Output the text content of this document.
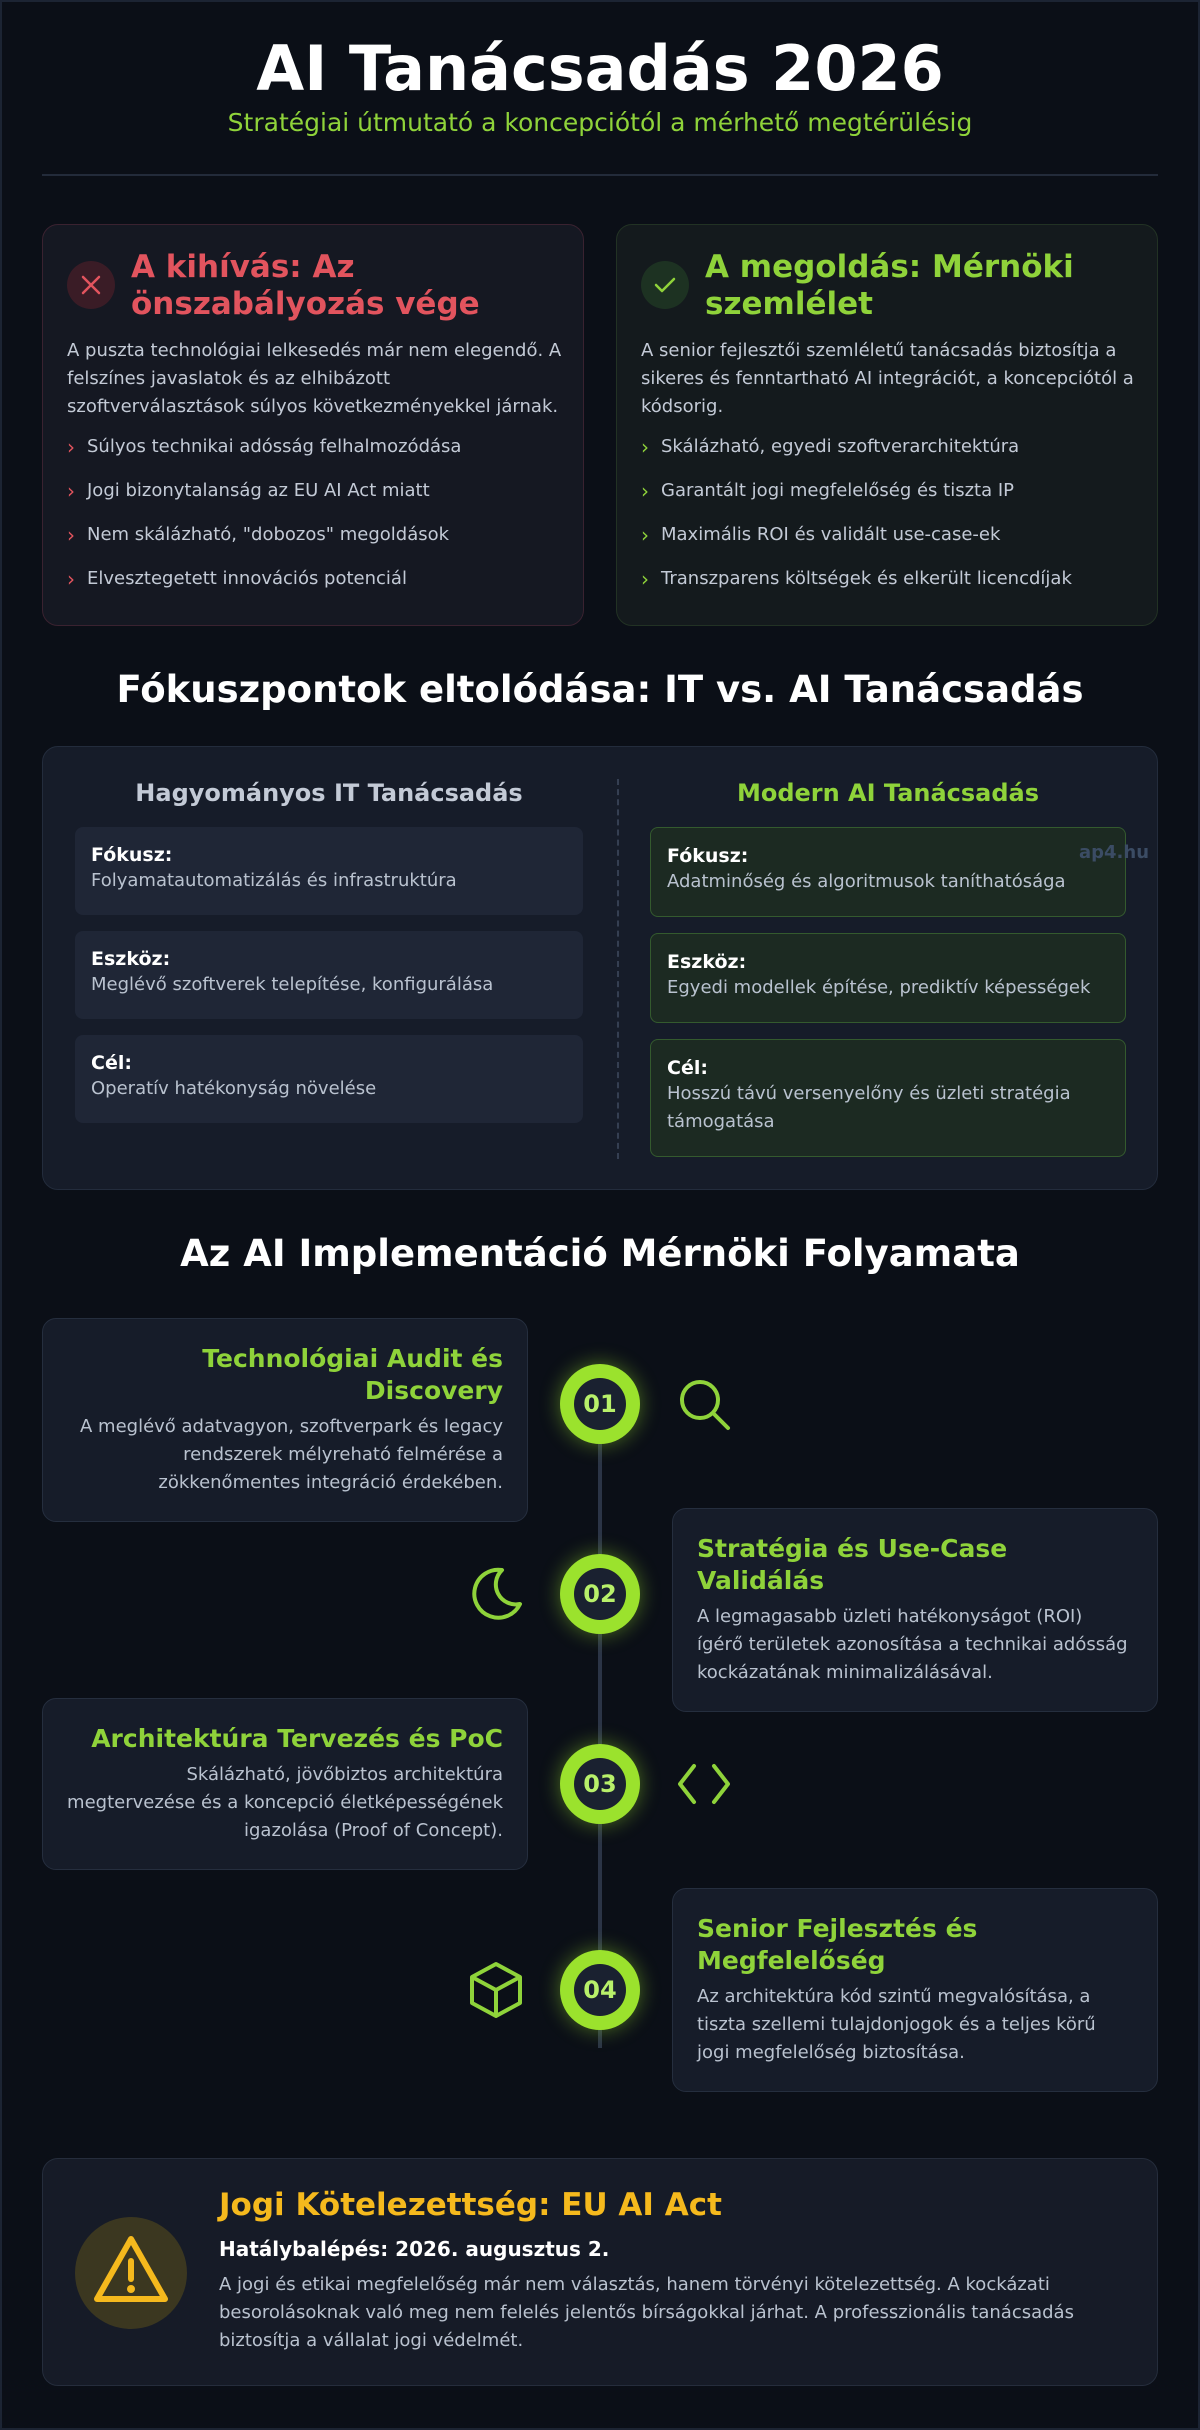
AI Tanácsadás 2026
Stratégiai útmutató a koncepciótól a mérhető megtérülésig
A kihívás: Az önszabályozás vége
A puszta technológiai lelkesedés már nem elegendő. A felszínes javaslatok és az elhibázott szoftverválasztások súlyos következményekkel járnak.
› Súlyos technikai adósság felhalmozódása
› Jogi bizonytalanság az EU AI Act miatt
› Nem skálázható, "dobozos" megoldások
› Elvesztegetett innovációs potenciál
A megoldás: Mérnöki szemlélet
A senior fejlesztői szemléletű tanácsadás biztosítja a sikeres és fenntartható AI integrációt, a koncepciótól a kódsorig.
› Skálázható, egyedi szoftverarchitektúra
› Garantált jogi megfelelőség és tiszta IP
› Maximális ROI és validált use-case-ek
› Transzparens költségek és elkerült licencdíjak
Fókuszpontok eltolódása: IT vs. AI Tanácsadás
Hagyományos IT Tanácsadás	Modern AI Tanácsadás
Fókusz:
Folyamatautomatizálás és infrastruktúra
Eszköz:
Meglévő szoftverek telepítése, konfigurálása
Cél:
Operatív hatékonyság növelése
Fókusz:
Adatminőség és algoritmusok taníthatósága
Eszköz:
Egyedi modellek építése, prediktív képességek
Cél:
Hosszú távú versenyelőny és üzleti stratégia támogatása
ap4.hu
Az AI Implementáció Mérnöki Folyamata
Technológiai Audit és Discovery
A meglévő adatvagyon, szoftverpark és legacy rendszerek mélyreható felmérése a zökkenőmentes integráció érdekében.
01
Stratégia és Use-Case Validálás
A legmagasabb üzleti hatékonyságot (ROI) ígérő területek azonosítása a technikai adósság kockázatának minimalizálásával.
02
Architektúra Tervezés és PoC
Skálázható, jövőbiztos architektúra megtervezése és a koncepció életképességének igazolása (Proof of Concept).
03
Senior Fejlesztés és Megfelelőség
Az architektúra kód szintű megvalósítása, a tiszta szellemi tulajdonjogok és a teljes körű jogi megfelelőség biztosítása.
04
Jogi Kötelezettség: EU AI Act
Hatálybalépés: 2026. augusztus 2.
A jogi és etikai megfelelőség már nem választás, hanem törvényi kötelezettség. A kockázati besorolásoknak való meg nem felelés jelentős bírságokkal járhat. A professzionális tanácsadás biztosítja a vállalat jogi védelmét.
